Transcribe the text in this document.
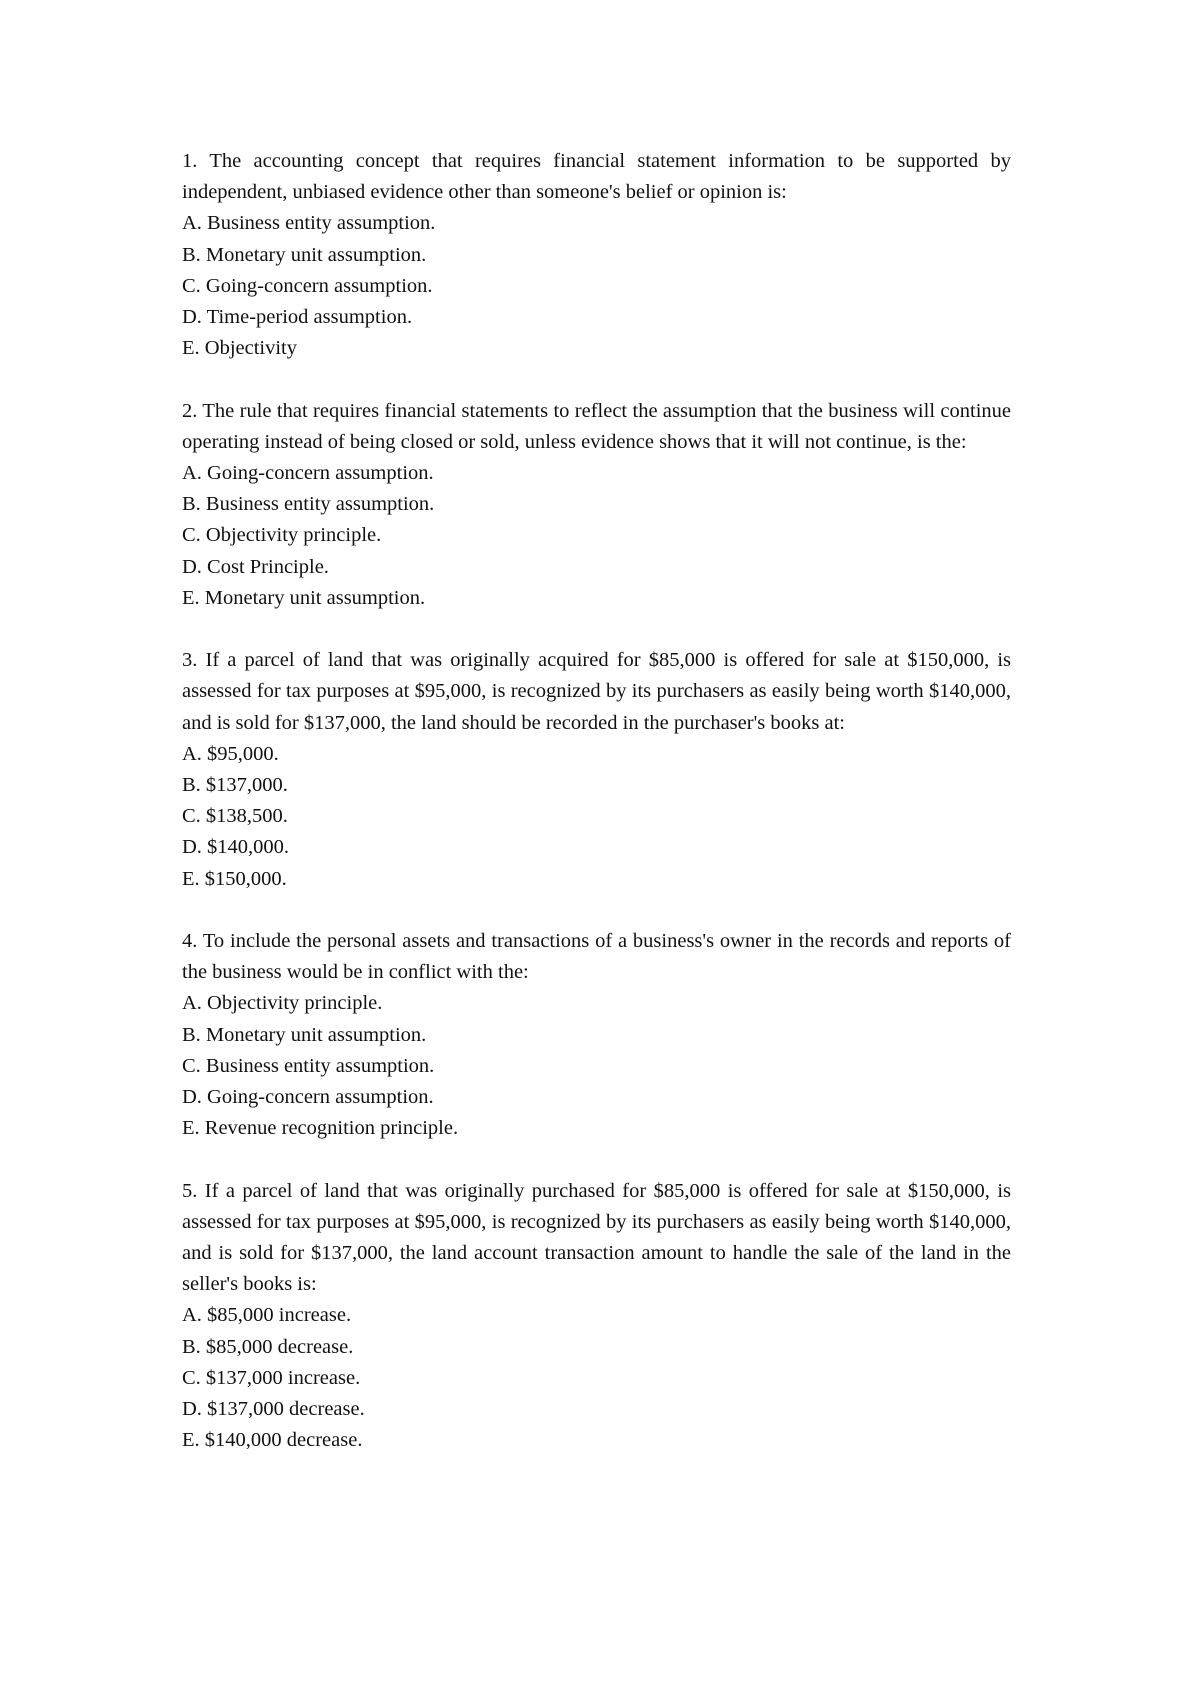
1. The accounting concept that requires financial statement information to be supported by independent, unbiased evidence other than someone's belief or opinion is:

A. Business entity assumption.
B. Monetary unit assumption.
C. Going-concern assumption.
D. Time-period assumption.
E. Objectivity

2. The rule that requires financial statements to reflect the assumption that the business will continue operating instead of being closed or sold, unless evidence shows that it will not continue, is the:

A. Going-concern assumption.
B. Business entity assumption.
C. Objectivity principle.
D. Cost Principle.
E. Monetary unit assumption.

3. If a parcel of land that was originally acquired for $85,000 is offered for sale at $150,000, is assessed for tax purposes at $95,000, is recognized by its purchasers as easily being worth $140,000, and is sold for $137,000, the land should be recorded in the purchaser's books at:

A. $95,000.
B. $137,000.
C. $138,500.
D. $140,000.
E. $150,000.

4. To include the personal assets and transactions of a business's owner in the records and reports of the business would be in conflict with the:

A. Objectivity principle.
B. Monetary unit assumption.
C. Business entity assumption.
D. Going-concern assumption.
E. Revenue recognition principle.

5. If a parcel of land that was originally purchased for $85,000 is offered for sale at $150,000, is assessed for tax purposes at $95,000, is recognized by its purchasers as easily being worth $140,000, and is sold for $137,000, the land account transaction amount to handle the sale of the land in the seller's books is:

A. $85,000 increase.
B. $85,000 decrease.
C. $137,000 increase.
D. $137,000 decrease.
E. $140,000 decrease.
